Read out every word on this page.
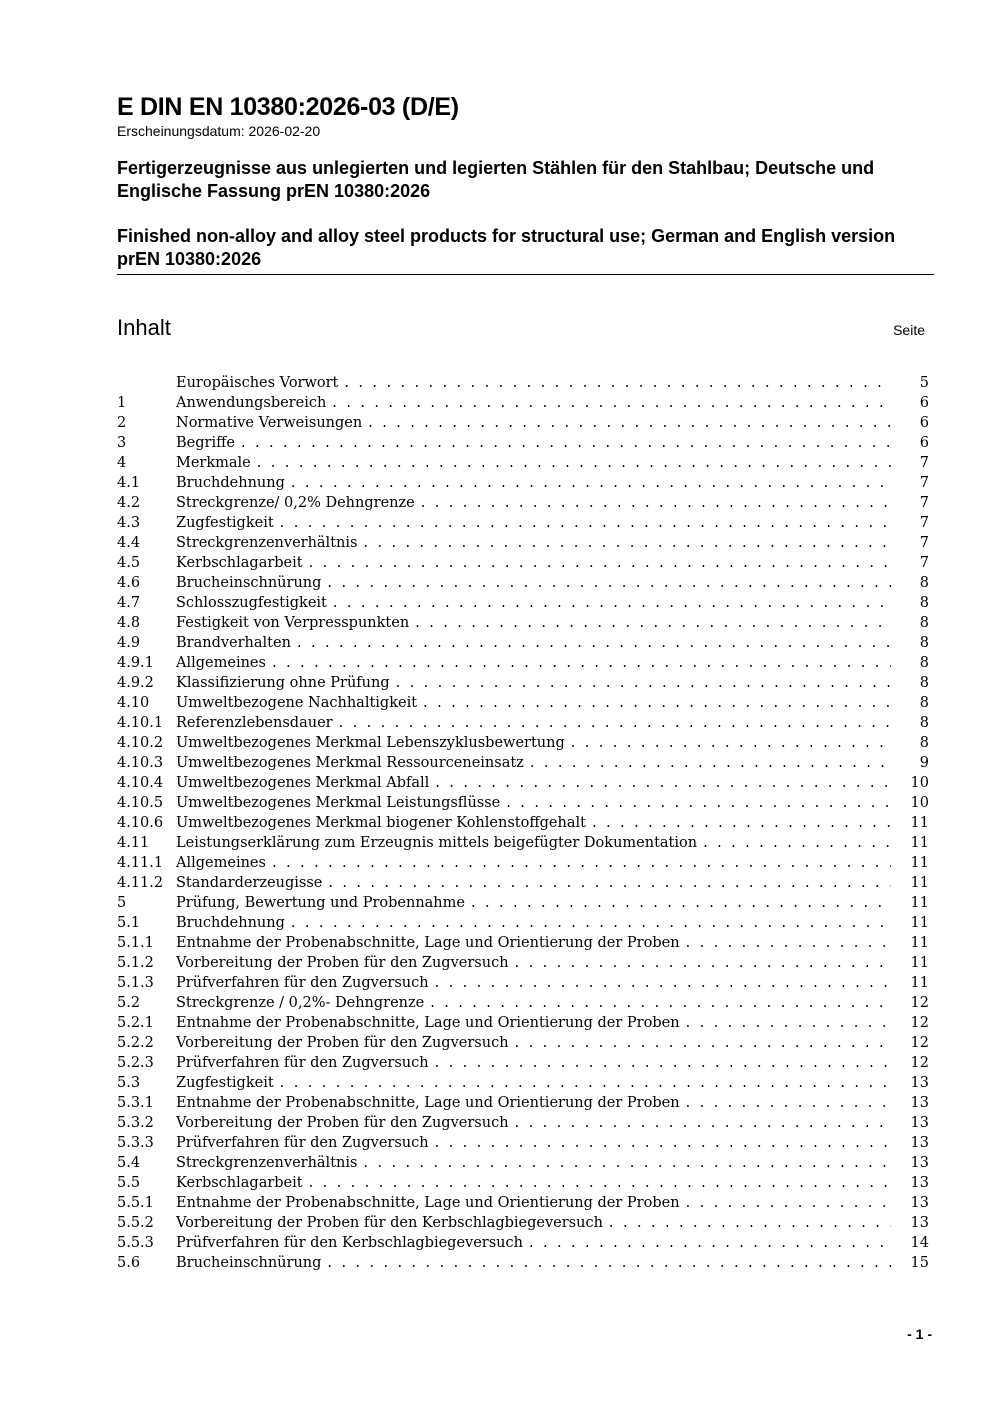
E DIN EN 10380:2026-03 (D/E)
Erscheinungsdatum: 2026-02-20
Fertigerzeugnisse aus unlegierten und legierten Stählen für den Stahlbau; Deutsche und Englische Fassung prEN 10380:2026
Finished non-alloy and alloy steel products for structural use; German and English version prEN 10380:2026
Inhalt	Seite
Europäisches Vorwort . . .	5
1	Anwendungsbereich . . .	6
2	Normative Verweisungen . . .	6
3	Begriffe . . .	6
4	Merkmale . . .	7
4.1	Bruchdehnung . . .	7
4.2	Streckgrenze/ 0,2% Dehngrenze . . .	7
4.3	Zugfestigkeit . . .	7
4.4	Streckgrenzenverhältnis . . .	7
4.5	Kerbschlagarbeit . . .	7
4.6	Brucheinschnürung . . .	8
4.7	Schlosszugfestigkeit . . .	8
4.8	Festigkeit von Verpresspunkten . . .	8
4.9	Brandverhalten . . .	8
4.9.1	Allgemeines . . .	8
4.9.2	Klassifizierung ohne Prüfung . . .	8
4.10	Umweltbezogene Nachhaltigkeit . . .	8
4.10.1 Referenzlebensdauer . . .	8
4.10.2 Umweltbezogenes Merkmal Lebenszyklusbewertung . . .	8
4.10.3 Umweltbezogenes Merkmal Ressourceneinsatz . . .	9
4.10.4 Umweltbezogenes Merkmal Abfall . . .	10
4.10.5 Umweltbezogenes Merkmal Leistungsflüsse . . .	10
4.10.6 Umweltbezogenes Merkmal biogener Kohlenstoffgehalt . . .	11
4.11	Leistungserklärung zum Erzeugnis mittels beigefügter Dokumentation . . .	11
4.11.1 Allgemeines . . .	11
4.11.2 Standarderzeugisse . . .	11
5	Prüfung, Bewertung und Probennahme . . .	11
5.1	Bruchdehnung . . .	11
5.1.1	Entnahme der Probenabschnitte, Lage und Orientierung der Proben . . .	11
5.1.2	Vorbereitung der Proben für den Zugversuch . . .	11
5.1.3	Prüfverfahren für den Zugversuch . . .	11
5.2	Streckgrenze / 0,2%- Dehngrenze . . .	12
5.2.1	Entnahme der Probenabschnitte, Lage und Orientierung der Proben . . .	12
5.2.2	Vorbereitung der Proben für den Zugversuch . . .	12
5.2.3	Prüfverfahren für den Zugversuch . . .	12
5.3	Zugfestigkeit . . .	13
5.3.1	Entnahme der Probenabschnitte, Lage und Orientierung der Proben . . .	13
5.3.2	Vorbereitung der Proben für den Zugversuch . . .	13
5.3.3	Prüfverfahren für den Zugversuch . . .	13
5.4	Streckgrenzenverhältnis . . .	13
5.5	Kerbschlagarbeit . . .	13
5.5.1	Entnahme der Probenabschnitte, Lage und Orientierung der Proben . . .	13
5.5.2	Vorbereitung der Proben für den Kerbschlagbiegeversuch . . .	13
5.5.3	Prüfverfahren für den Kerbschlagbiegeversuch . . .	14
5.6	Brucheinschnürung . . .	15
- 1 -
